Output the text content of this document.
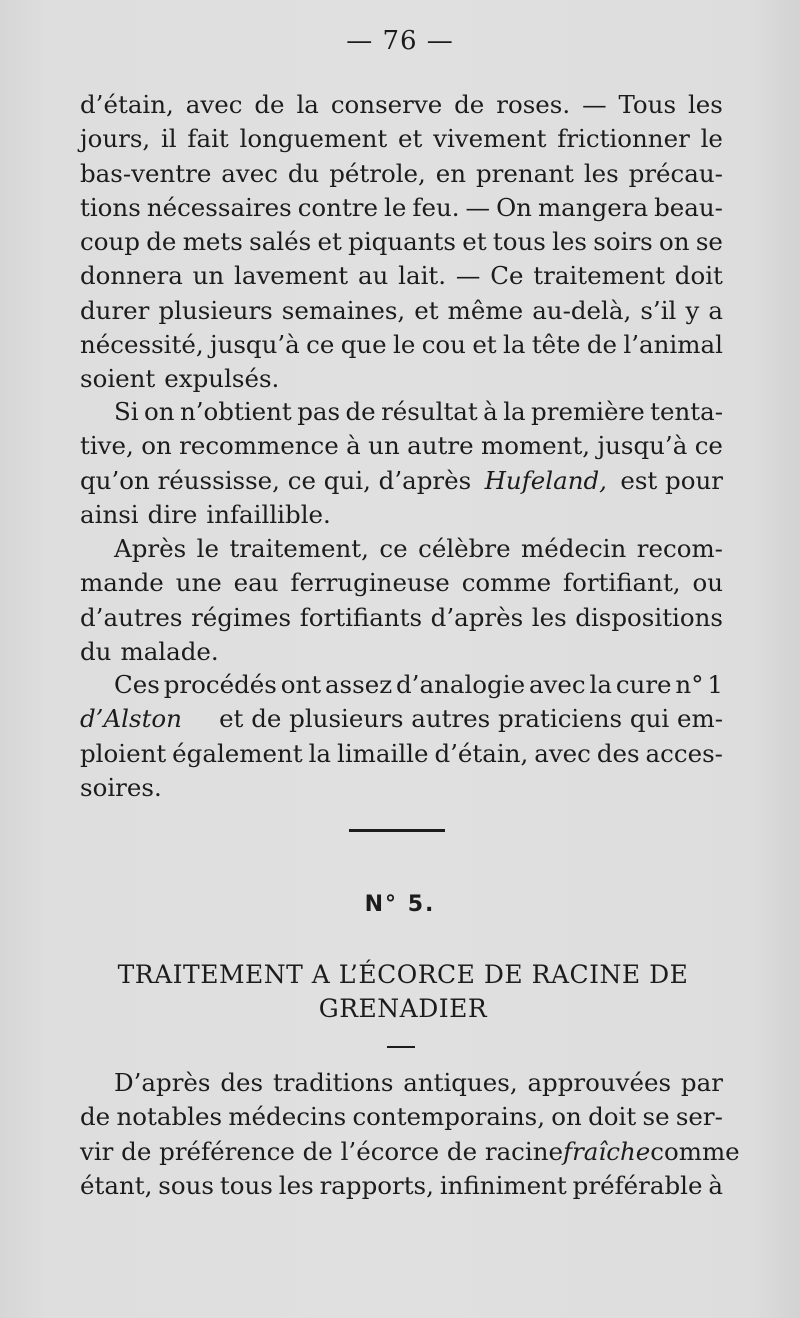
— 76 —
d’étain, avec de la conserve de roses. — Tous les
jours, il fait longuement et vivement frictionner le
bas-ventre avec du pétrole, en prenant les précau-
tions nécessaires contre le feu. — On mangera beau-
coup de mets salés et piquants et tous les soirs on se
donnera un lavement au lait. — Ce traitement doit
durer plusieurs semaines, et même au-delà, s’il y a
nécessité, jusqu’à ce que le cou et la tête de l’animal
soient expulsés.
Si on n’obtient pas de résultat à la première tenta-
tive, on recommence à un autre moment, jusqu’à ce
qu’on réussisse, ce qui, d’après Hufeland, est pour
ainsi dire infaillible.
Après le traitement, ce célèbre médecin recom-
mande une eau ferrugineuse comme fortifiant, ou
d’autres régimes fortifiants d’après les dispositions
du malade.
Ces procédés ont assez d’analogie avec la cure n° 1
d’Alston et de plusieurs autres praticiens qui em-
ploient également la limaille d’étain, avec des acces-
soires.
N° 5.
TRAITEMENT A L’ÉCORCE DE RACINE DE
GRENADIER
D’après des traditions antiques, approuvées par
de notables médecins contemporains, on doit se ser-
vir de préférence de l’écorce de racine fraîche comme
étant, sous tous les rapports, infiniment préférable à
